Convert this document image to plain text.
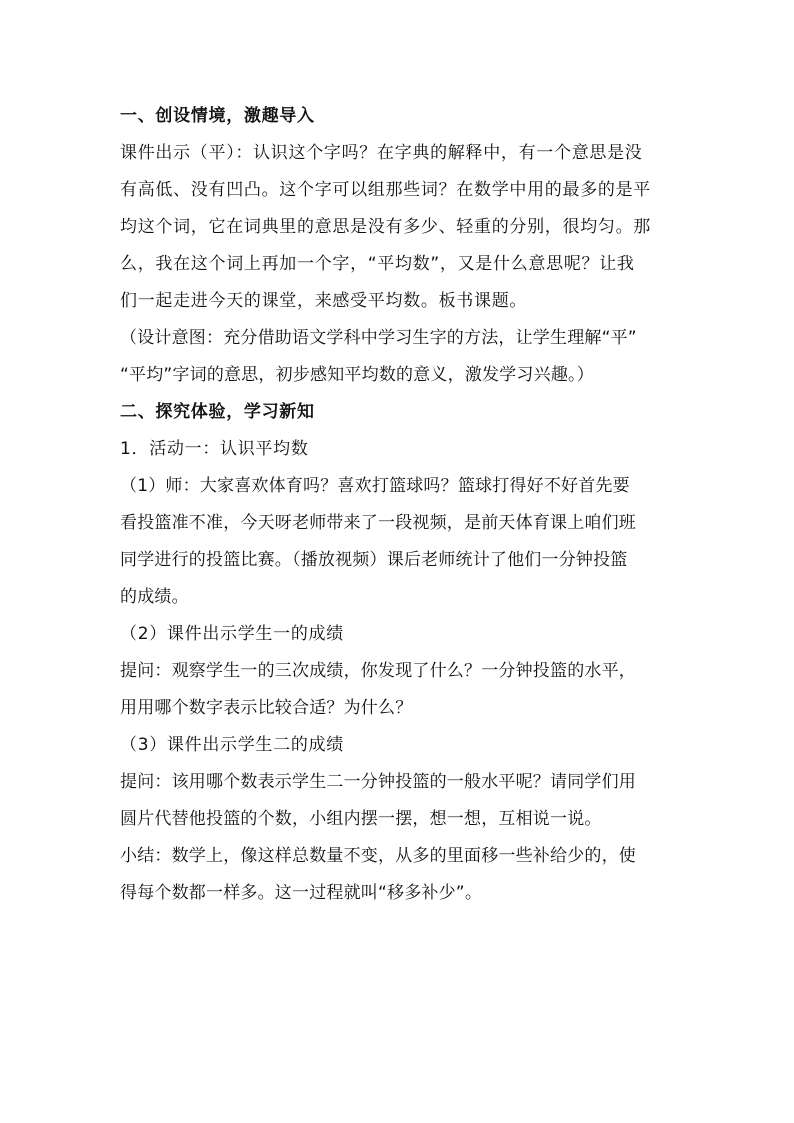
一、创设情境，激趣导入
课件出示（平）：认识这个字吗？在字典的解释中，有一个意思是没
有高低、没有凹凸。这个字可以组那些词？在数学中用的最多的是平
均这个词，它在词典里的意思是没有多少、轻重的分别，很均匀。那
么，我在这个词上再加一个字，“平均数”，又是什么意思呢？让我
们一起走进今天的课堂，来感受平均数。板书课题。
（设计意图：充分借助语文学科中学习生字的方法，让学生理解“平”
“平均”字词的意思，初步感知平均数的意义，激发学习兴趣。）
二、探究体验，学习新知
1．活动一：认识平均数
（1）师：大家喜欢体育吗？喜欢打篮球吗？篮球打得好不好首先要
看投篮准不准，今天呀老师带来了一段视频，是前天体育课上咱们班
同学进行的投篮比赛。（播放视频）课后老师统计了他们一分钟投篮
的成绩。
（2）课件出示学生一的成绩
提问：观察学生一的三次成绩，你发现了什么？一分钟投篮的水平，
用用哪个数字表示比较合适？为什么？
（3）课件出示学生二的成绩
提问：该用哪个数表示学生二一分钟投篮的一般水平呢？请同学们用
圆片代替他投篮的个数，小组内摆一摆，想一想，互相说一说。
小结：数学上，像这样总数量不变，从多的里面移一些补给少的，使
得每个数都一样多。这一过程就叫“移多补少”。
